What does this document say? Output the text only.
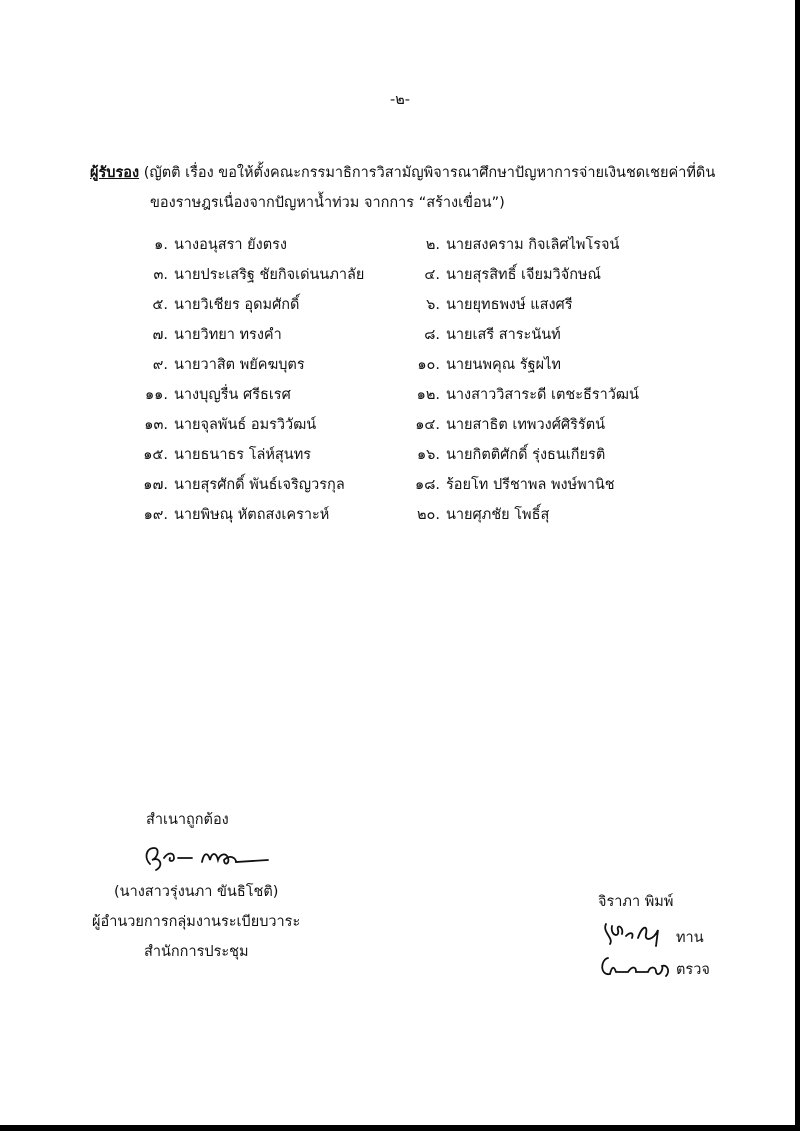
-๒-
ผู้รับรอง (ญัตติ เรื่อง ขอให้ตั้งคณะกรรมาธิการวิสามัญพิจารณาศึกษาปัญหาการจ่ายเงินชดเชยค่าที่ดิน
ของราษฎรเนื่องจากปัญหาน้ำท่วม จากการ “สร้างเขื่อน”)
๑. นางอนุสรา ยังตรง	๒. นายสงคราม กิจเลิศไพโรจน์
๓. นายประเสริฐ ชัยกิจเด่นนภาลัย	๔. นายสุรสิทธิ์ เจียมวิจักษณ์
๕. นายวิเชียร อุดมศักดิ์	๖. นายยุทธพงษ์ แสงศรี
๗. นายวิทยา ทรงคำ	๘. นายเสรี สาระนันท์
๙. นายวาสิต พยัคฆบุตร	๑๐. นายนพคุณ รัฐผไท
๑๑. นางบุญรื่น ศรีธเรศ	๑๒. นางสาววิสาระดี เตชะธีราวัฒน์
๑๓. นายจุลพันธ์ อมรวิวัฒน์	๑๔. นายสาธิต เทพวงศ์ศิริรัตน์
๑๕. นายธนาธร โล่ห์สุนทร	๑๖. นายกิตติศักดิ์ รุ่งธนเกียรติ
๑๗. นายสุรศักดิ์ พันธ์เจริญวรกุล	๑๘. ร้อยโท ปรีชาพล พงษ์พานิช
๑๙. นายพิษณุ หัตถสงเคราะห์	๒๐. นายศุภชัย โพธิ์สุ
สำเนาถูกต้อง
(นางสาวรุ่งนภา ขันธิโชติ)
ผู้อำนวยการกลุ่มงานระเบียบวาระ
สำนักการประชุม
จิราภา พิมพ์
ทาน
ตรวจ
